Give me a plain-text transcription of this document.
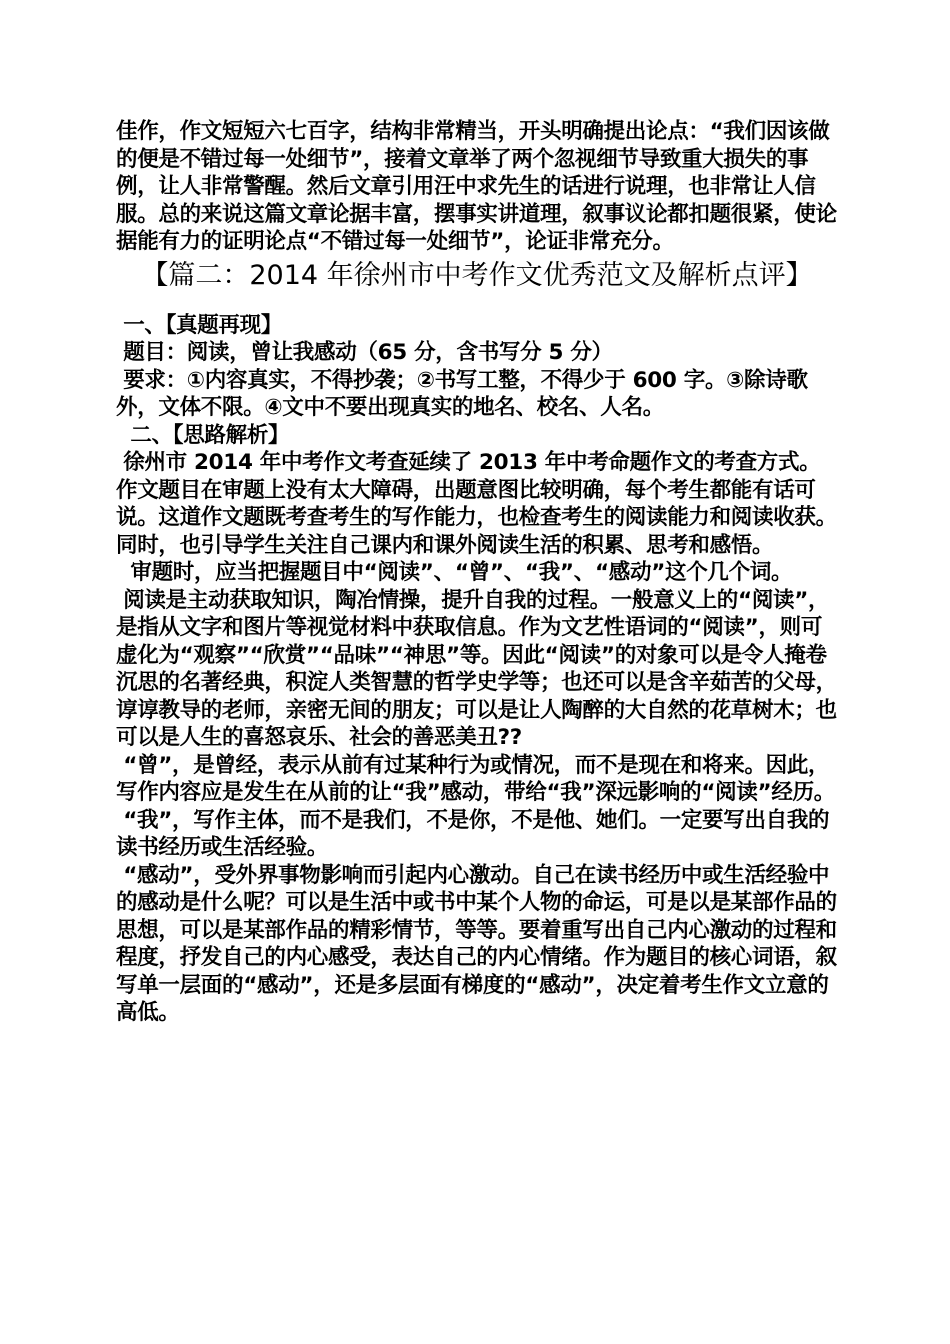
佳作，作文短短六七百字，结构非常精当，开头明确提出论点：“我们因该做的便是不错过每一处细节”，接着文章举了两个忽视细节导致重大损失的事例，让人非常警醒。然后文章引用汪中求先生的话进行说理，也非常让人信

服。总的来说这篇文章论据丰富，摆事实讲道理，叙事议论都扣题很紧，使论据能有力的证明论点“不错过每一处细节”，论证非常充分。

【篇二：2014 年徐州市中考作文优秀范文及解析点评】

一、【真题再现】

题目：阅读，曾让我感动（65 分，含书写分 5 分）

要求：①内容真实，不得抄袭；②书写工整，不得少于 600 字。③除诗歌外，文体不限。④文中不要出现真实的地名、校名、人名。

二、【思路解析】

徐州市 2014 年中考作文考查延续了 2013 年中考命题作文的考查方式。作文题目在审题上没有太大障碍，出题意图比较明确，每个考生都能有话可说。这道作文题既考查考生的写作能力，也检查考生的阅读能力和阅读收获。同时，也引导学生关注自己课内和课外阅读生活的积累、思考和感悟。

审题时，应当把握题目中“阅读”、“曾”、“我”、“感动”这个几个词。

阅读是主动获取知识，陶冶情操，提升自我的过程。一般意义上的“阅读”，是指从文字和图片等视觉材料中获取信息。作为文艺性语词的“阅读”，则可虚化为“观察”“欣赏”“品味”“神思”等。因此“阅读”的对象可以是令人掩卷沉思的名著经典，积淀人类智慧的哲学史学等；也还可以是含辛茹苦的父母，谆谆教导的老师，亲密无间的朋友；可以是让人陶醉的大自然的花草树木；也可以是人生的喜怒哀乐、社会的善恶美丑??

“曾”，是曾经，表示从前有过某种行为或情况，而不是现在和将来。因此，写作内容应是发生在从前的让“我”感动，带给“我”深远影响的“阅读”经历。

“我”，写作主体，而不是我们，不是你，不是他、她们。一定要写出自我的读书经历或生活经验。

“感动”，受外界事物影响而引起内心激动。自己在读书经历中或生活经验中的感动是什么呢？可以是生活中或书中某个人物的命运，可是以是某部作品的思想，可以是某部作品的精彩情节，等等。要着重写出自己内心激动的过程和程度，抒发自己的内心感受，表达自己的内心情绪。作为题目的核心词语，叙写单一层面的“感动”，还是多层面有梯度的“感动”，决定着考生作文立意的高低。
